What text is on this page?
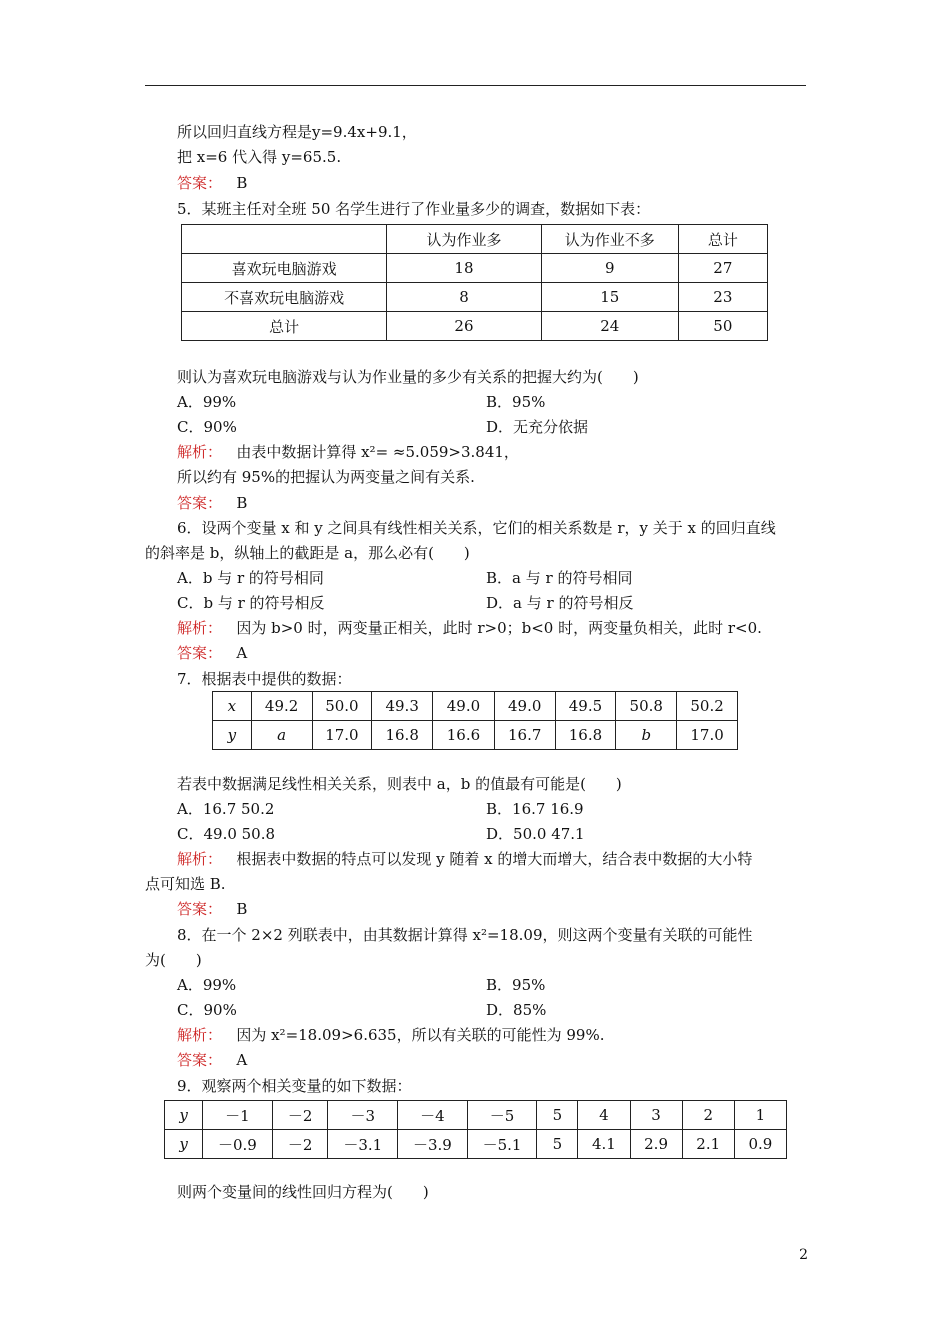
所以回归直线方程是y=9.4x+9.1，
把 x=6 代入得 y=65.5.
答案： B
5．某班主任对全班 50 名学生进行了作业量多少的调查，数据如下表：
	认为作业多	认为作业不多	总计
喜欢玩电脑游戏	18	9	27
不喜欢玩电脑游戏	8	15	23
总计	26	24	50
则认为喜欢玩电脑游戏与认为作业量的多少有关系的把握大约为(　　)
A．99%	B．95%
C．90%	D．无充分依据
解析： 由表中数据计算得 x²= ≈5.059>3.841，
所以约有 95%的把握认为两变量之间有关系.
答案： B
6．设两个变量 x 和 y 之间具有线性相关关系，它们的相关系数是 r，y 关于 x 的回归直线
的斜率是 b，纵轴上的截距是 a，那么必有(　　)
A．b 与 r 的符号相同	B．a 与 r 的符号相同
C．b 与 r 的符号相反	D．a 与 r 的符号相反
解析： 因为 b>0 时，两变量正相关，此时 r>0；b<0 时，两变量负相关，此时 r<0.
答案： A
7．根据表中提供的数据：
x	49.2	50.0	49.3	49.0	49.0	49.5	50.8	50.2
y	a	17.0	16.8	16.6	16.7	16.8	b	17.0
若表中数据满足线性相关关系，则表中 a，b 的值最有可能是(　　)
A．16.7 50.2	B．16.7 16.9
C．49.0 50.8	D．50.0 47.1
解析： 根据表中数据的特点可以发现 y 随着 x 的增大而增大，结合表中数据的大小特
点可知选 B.
答案： B
8．在一个 2×2 列联表中，由其数据计算得 x²=18.09，则这两个变量有关联的可能性
为(　　)
A．99%	B．95%
C．90%	D．85%
解析： 因为 x²=18.09>6.635，所以有关联的可能性为 99%.
答案： A
9．观察两个相关变量的如下数据：
y	－1	－2	－3	－4	－5	5	4	3	2	1
y	－0.9	－2	－3.1	－3.9	－5.1	5	4.1	2.9	2.1	0.9
则两个变量间的线性回归方程为(　　)
2
